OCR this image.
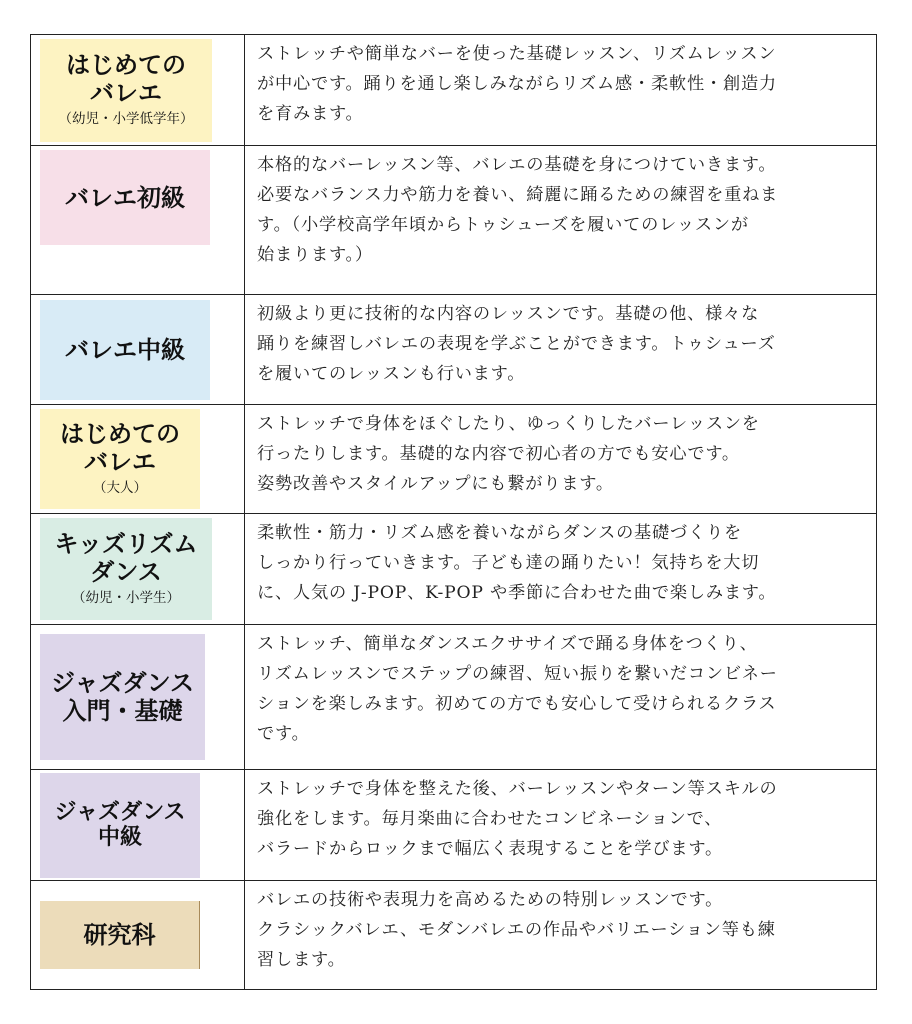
はじめての
バレエ
（幼児・小学低学年）
ストレッチや簡単なバーを使った基礎レッスン、リズムレッスン
が中心です。踊りを通し楽しみながらリズム感・柔軟性・創造力
を育みます。
バレエ初級
本格的なバーレッスン等、バレエの基礎を身につけていきます。
必要なバランス力や筋力を養い、綺麗に踊るための練習を重ねま
す。（小学校高学年頃からトゥシューズを履いてのレッスンが
始まります。）
バレエ中級
初級より更に技術的な内容のレッスンです。基礎の他、様々な
踊りを練習しバレエの表現を学ぶことができます。トゥシューズ
を履いてのレッスンも行います。
はじめての
バレエ
（大人）
ストレッチで身体をほぐしたり、ゆっくりしたバーレッスンを
行ったりします。基礎的な内容で初心者の方でも安心です。
姿勢改善やスタイルアップにも繋がります。
キッズリズム
ダンス
（幼児・小学生）
柔軟性・筋力・リズム感を養いながらダンスの基礎づくりを
しっかり行っていきます。子ども達の踊りたい！気持ちを大切
に、人気の J-POP、K-POP や季節に合わせた曲で楽しみます。
ジャズダンス
入門・基礎
ストレッチ、簡単なダンスエクササイズで踊る身体をつくり、
リズムレッスンでステップの練習、短い振りを繋いだコンビネー
ションを楽しみます。初めての方でも安心して受けられるクラス
です。
ジャズダンス
中級
ストレッチで身体を整えた後、バーレッスンやターン等スキルの
強化をします。毎月楽曲に合わせたコンビネーションで、
バラードからロックまで幅広く表現することを学びます。
研究科
バレエの技術や表現力を高めるための特別レッスンです。
クラシックバレエ、モダンバレエの作品やバリエーション等も練
習します。
